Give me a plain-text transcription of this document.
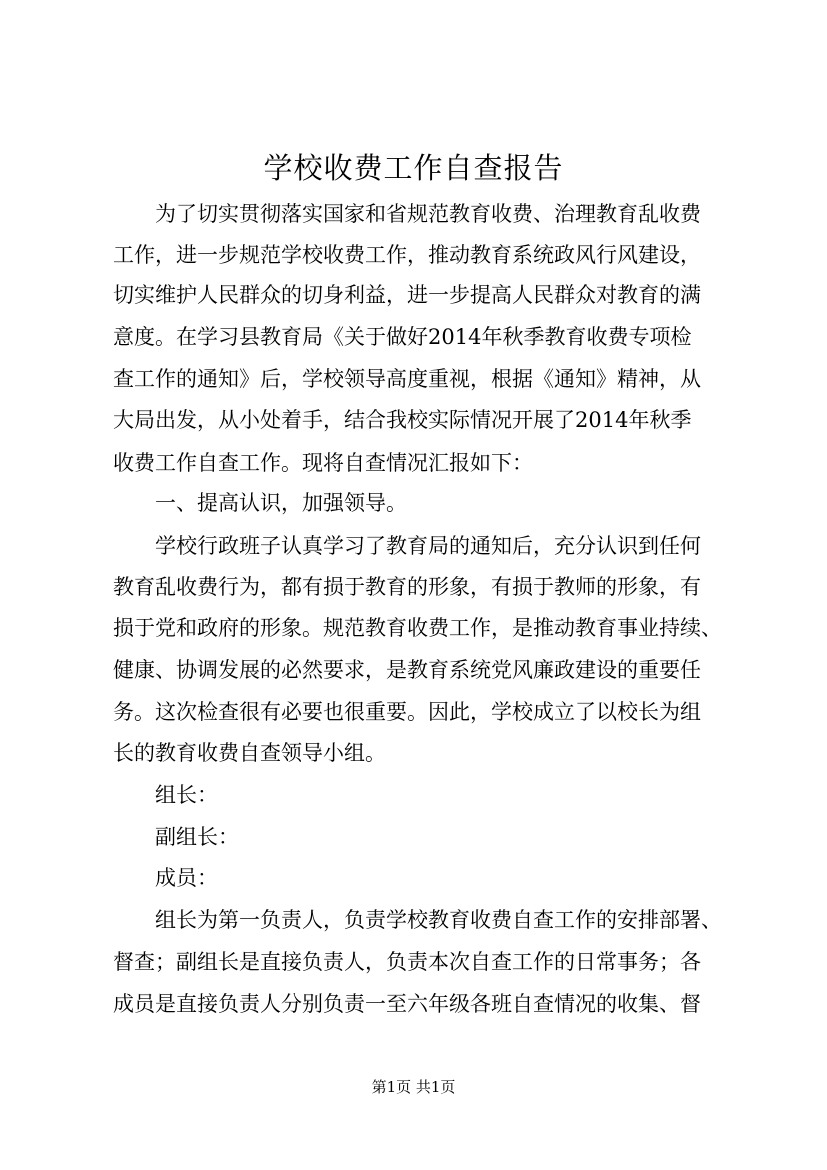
学校收费工作自查报告

为了切实贯彻落实国家和省规范教育收费、治理教育乱收费

工作，进一步规范学校收费工作，推动教育系统政风行风建设，

切实维护人民群众的切身利益，进一步提高人民群众对教育的满

意度。在学习县教育局《关于做好2014年秋季教育收费专项检

查工作的通知》后，学校领导高度重视，根据《通知》精神，从

大局出发，从小处着手，结合我校实际情况开展了2014年秋季

收费工作自查工作。现将自查情况汇报如下：

一、提高认识，加强领导。

学校行政班子认真学习了教育局的通知后，充分认识到任何

教育乱收费行为，都有损于教育的形象，有损于教师的形象，有

损于党和政府的形象。规范教育收费工作，是推动教育事业持续、

健康、协调发展的必然要求，是教育系统党风廉政建设的重要任

务。这次检查很有必要也很重要。因此，学校成立了以校长为组

长的教育收费自查领导小组。

组长：

副组长：

成员：

组长为第一负责人，负责学校教育收费自查工作的安排部署、

督查；副组长是直接负责人，负责本次自查工作的日常事务；各

成员是直接负责人分别负责一至六年级各班自查情况的收集、督

第1页 共1页
